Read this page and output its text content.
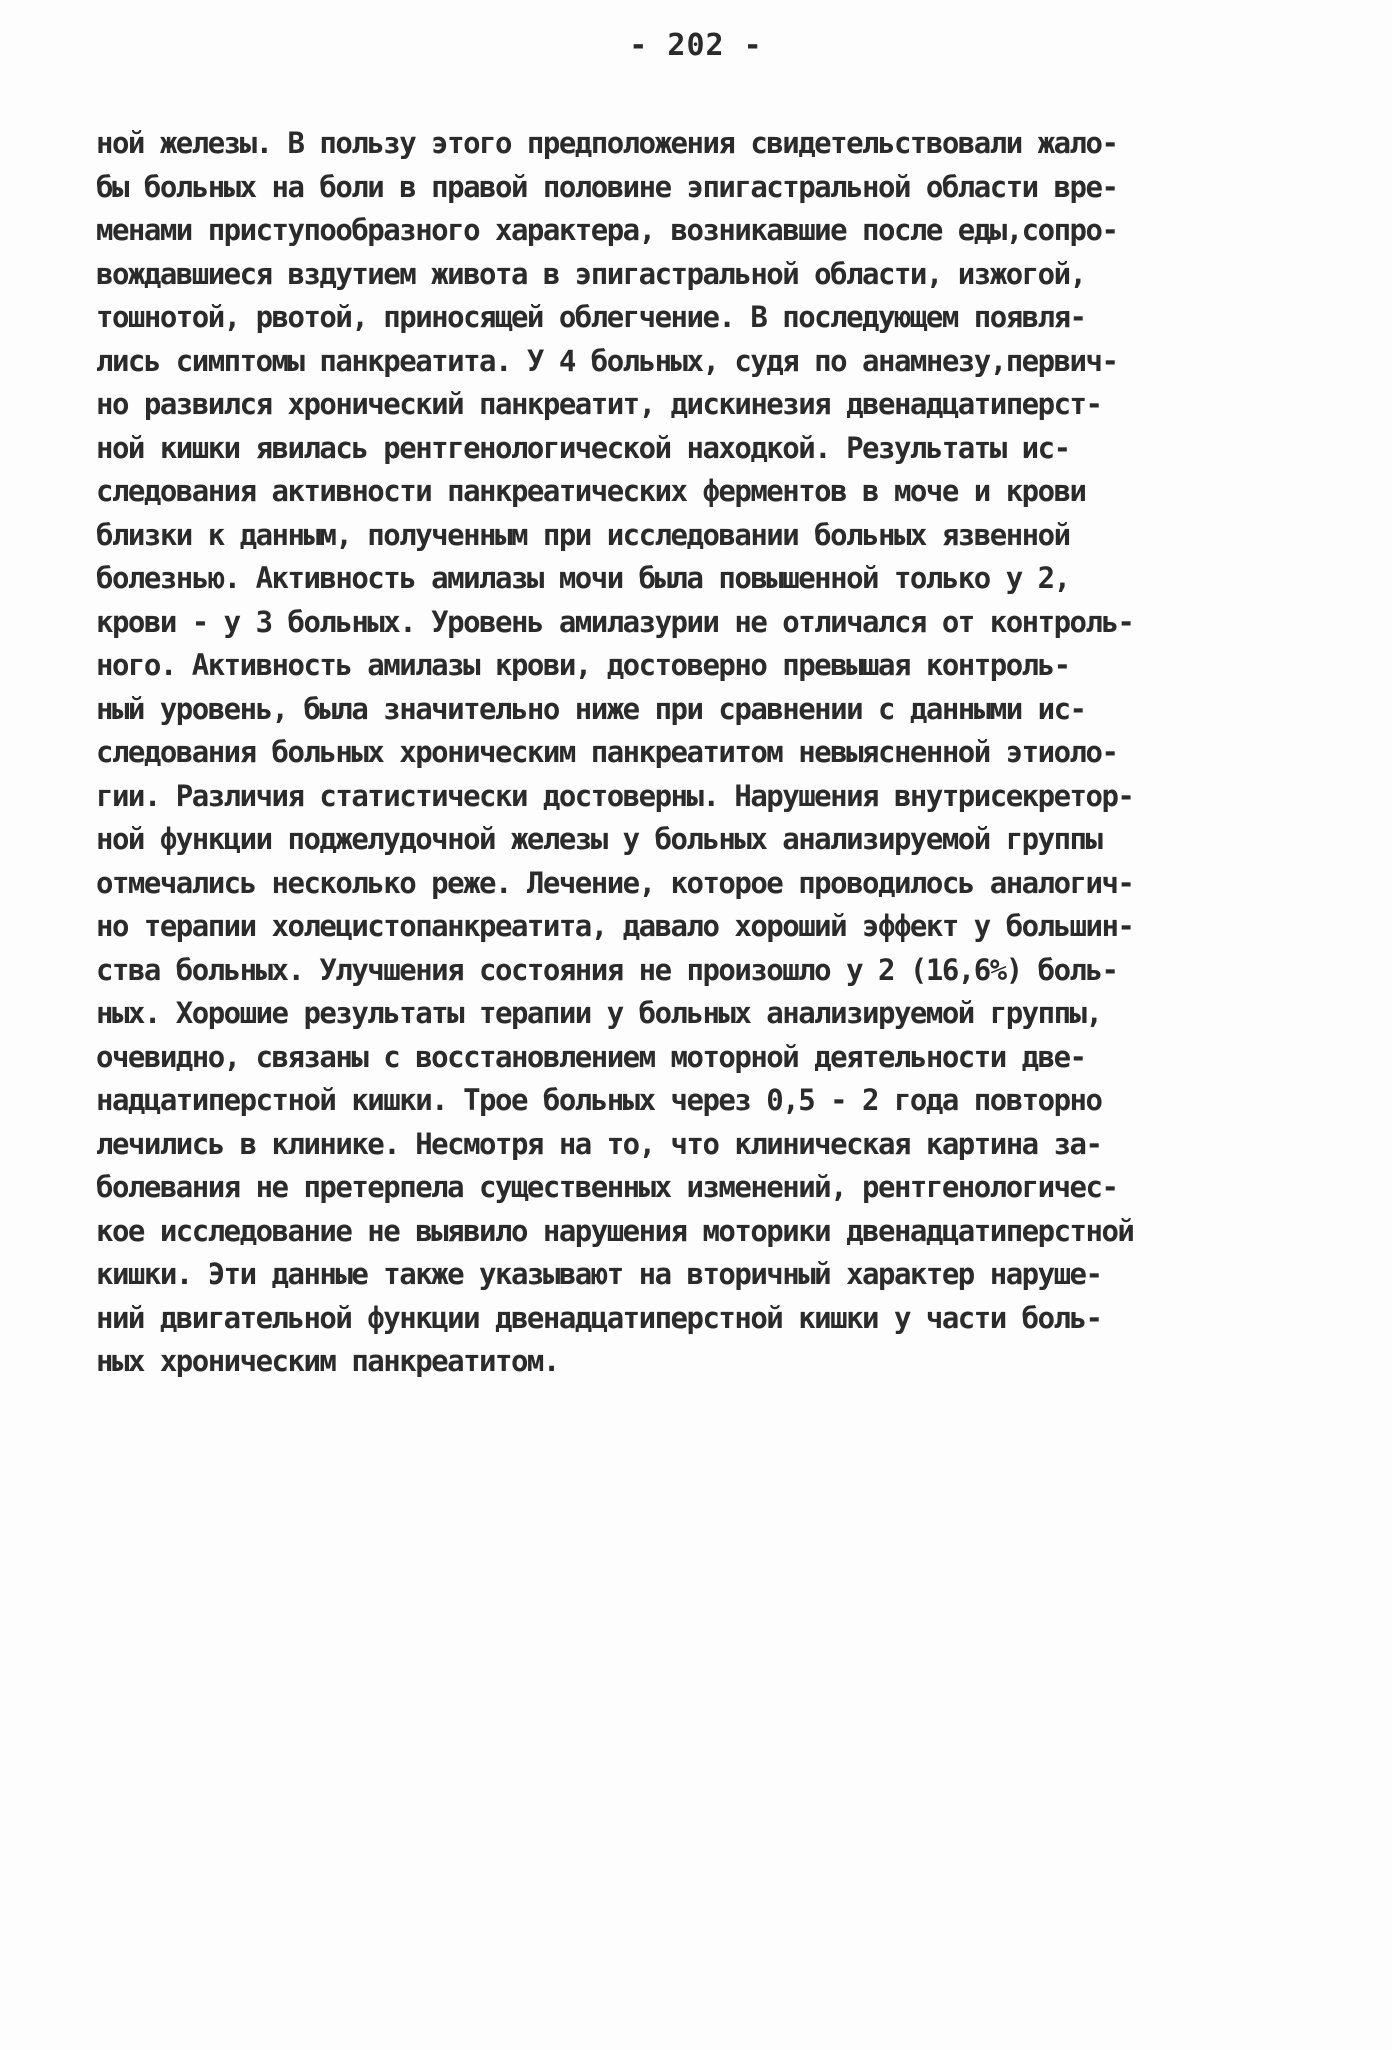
- 202 -
ной железы. В пользу этого предположения свидетельствовали жало-
бы больных на боли в правой половине эпигастральной области вре-
менами приступообразного характера, возникавшие после еды,сопро-
вождавшиеся вздутием живота в эпигастральной области, изжогой,
тошнотой, рвотой, приносящей облегчение. В последующем появля-
лись симптомы панкреатита. У 4 больных, судя по анамнезу,первич-
но развился хронический панкреатит, дискинезия двенадцатиперст-
ной кишки явилась рентгенологической находкой. Результаты ис-
следования активности панкреатических ферментов в моче и крови
близки к данным, полученным при исследовании больных язвенной
болезнью. Активность амилазы мочи была повышенной только у 2,
крови - у 3 больных. Уровень амилазурии не отличался от контроль-
ного. Активность амилазы крови, достоверно превышая контроль-
ный уровень, была значительно ниже при сравнении с данными ис-
следования больных хроническим панкреатитом невыясненной этиоло-
гии. Различия статистически достоверны. Нарушения внутрисекретор-
ной функции поджелудочной железы у больных анализируемой группы
отмечались несколько реже. Лечение, которое проводилось аналогич-
но терапии холецистопанкреатита, давало хороший эффект у большин-
ства больных. Улучшения состояния не произошло у 2 (16,6%) боль-
ных. Хорошие результаты терапии у больных анализируемой группы,
очевидно, связаны с восстановлением моторной деятельности две-
надцатиперстной кишки. Трое больных через 0,5 - 2 года повторно
лечились в клинике. Несмотря на то, что клиническая картина за-
болевания не претерпела существенных изменений, рентгенологичес-
кое исследование не выявило нарушения моторики двенадцатиперстной
кишки. Эти данные также указывают на вторичный характер наруше-
ний двигательной функции двенадцатиперстной кишки у части боль-
ных хроническим панкреатитом.
